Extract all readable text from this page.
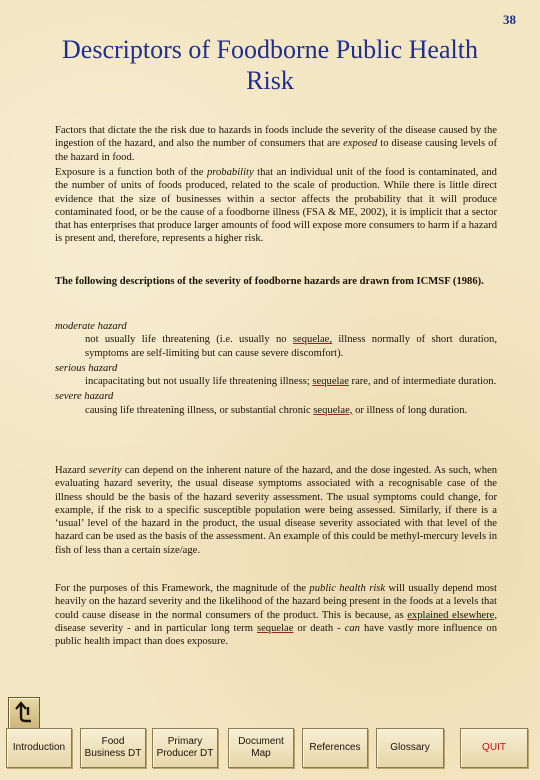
38
Descriptors of Foodborne Public Health Risk

Factors that dictate the the risk due to hazards in foods include the severity of the disease caused by the ingestion of the hazard, and also the number of consumers that are exposed to disease causing levels of the hazard in food.

Exposure is a function both of the probability that an individual unit of the food is contaminated, and the number of units of foods produced, related to the scale of production. While there is little direct evidence that the size of businesses within a sector affects the probability that it will produce contaminated food, or be the cause of a foodborne illness (FSA & ME, 2002), it is implicit that a sector that has enterprises that produce larger amounts of food will expose more consumers to harm if a hazard is present and, therefore, represents a higher risk.

The following descriptions of the severity of foodborne hazards are drawn from ICMSF (1986).

moderate hazard

not usually life threatening (i.e. usually no sequelae, illness normally of short duration, symptoms are self-limiting but can cause severe discomfort).

serious hazard

incapacitating but not usually life threatening illness; sequelae rare, and of intermediate duration.

severe hazard

causing life threatening illness, or substantial chronic sequelae, or illness of long duration.

Hazard severity can depend on the inherent nature of the hazard, and the dose ingested. As such, when evaluating hazard severity, the usual disease symptoms associated with a recognisable case of the illness should be the basis of the hazard severity assessment. The usual symptoms could change, for example, if the risk to a specific susceptible population were being assessed. Similarly, if there is a ‘usual’ level of the hazard in the product, the usual disease severity associated with that level of the hazard can be used as the basis of the assessment. An example of this could be methyl-mercury levels in fish of less than a certain size/age.

For the purposes of this Framework, the magnitude of the public health risk will usually depend most heavily on the hazard severity and the likelihood of the hazard being present in the foods at a levels that could cause disease in the normal consumers of the product. This is because, as explained elsewhere, disease severity - and in particular long term sequelae or death - can have vastly more influence on public health impact than does exposure.

Introduction
Food Business DT
Primary Producer DT
Document Map
References	Glossary	QUIT
